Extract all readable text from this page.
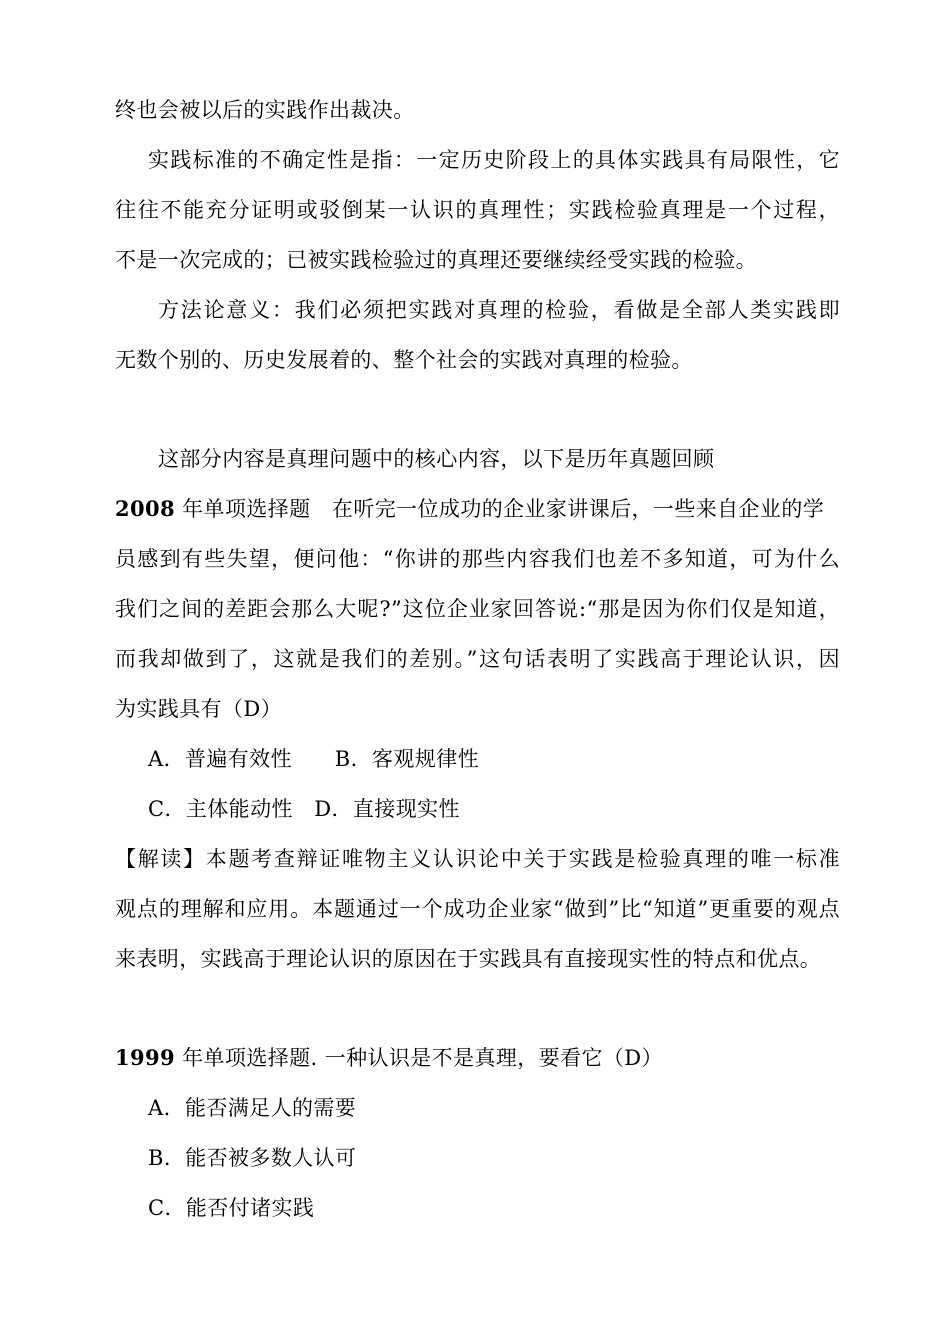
终也会被以后的实践作出裁决。
实践标准的不确定性是指：一定历史阶段上的具体实践具有局限性，它
往往不能充分证明或驳倒某一认识的真理性；实践检验真理是一个过程，
不是一次完成的；已被实践检验过的真理还要继续经受实践的检验。
方法论意义：我们必须把实践对真理的检验，看做是全部人类实践即
无数个别的、历史发展着的、整个社会的实践对真理的检验。
这部分内容是真理问题中的核心内容，以下是历年真题回顾
2008 年单项选择题　在听完一位成功的企业家讲课后，一些来自企业的学
员感到有些失望，便问他：“你讲的那些内容我们也差不多知道，可为什么
我们之间的差距会那么大呢?”这位企业家回答说:“那是因为你们仅是知道，
而我却做到了，这就是我们的差别。”这句话表明了实践高于理论认识，因
为实践具有（D）
A．普遍有效性　　B．客观规律性
C．主体能动性　D．直接现实性
【解读】本题考查辩证唯物主义认识论中关于实践是检验真理的唯一标准
观点的理解和应用。本题通过一个成功企业家“做到”比“知道”更重要的观点
来表明，实践高于理论认识的原因在于实践具有直接现实性的特点和优点。
1999 年单项选择题. 一种认识是不是真理，要看它（D）
A．能否满足人的需要
B．能否被多数人认可
C．能否付诸实践
